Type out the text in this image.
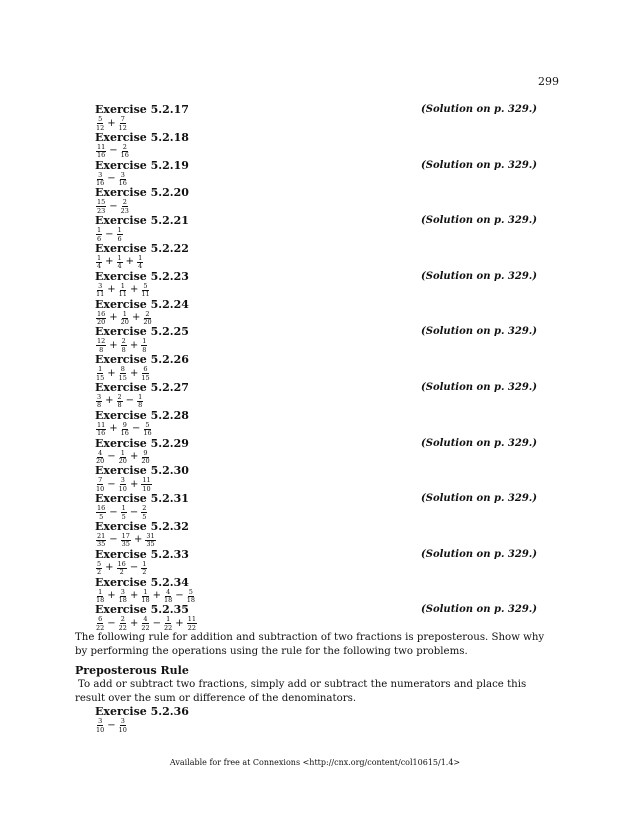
299
Exercise 5.2.17	(Solution on p. 329.)
$\frac{5}{12} + \frac{7}{12}$
Exercise 5.2.18
$\frac{11}{16} - \frac{2}{16}$
Exercise 5.2.19	(Solution on p. 329.)
$\frac{3}{16} - \frac{3}{16}$
Exercise 5.2.20
$\frac{15}{23} - \frac{2}{23}$
Exercise 5.2.21	(Solution on p. 329.)
$\frac{1}{6} - \frac{1}{6}$
Exercise 5.2.22
$\frac{1}{4} + \frac{1}{4} + \frac{1}{4}$
Exercise 5.2.23	(Solution on p. 329.)
$\frac{3}{11} + \frac{1}{11} + \frac{5}{11}$
Exercise 5.2.24
$\frac{16}{20} + \frac{1}{20} + \frac{2}{20}$
Exercise 5.2.25	(Solution on p. 329.)
$\frac{12}{8} + \frac{2}{8} + \frac{1}{8}$
Exercise 5.2.26
$\frac{1}{15} + \frac{8}{15} + \frac{6}{15}$
Exercise 5.2.27	(Solution on p. 329.)
$\frac{3}{8} + \frac{2}{8} - \frac{1}{8}$
Exercise 5.2.28
$\frac{11}{16} + \frac{9}{16} - \frac{5}{16}$
Exercise 5.2.29	(Solution on p. 329.)
$\frac{4}{20} - \frac{1}{20} + \frac{9}{20}$
Exercise 5.2.30
$\frac{7}{10} - \frac{3}{10} + \frac{11}{10}$
Exercise 5.2.31	(Solution on p. 329.)
$\frac{16}{5} - \frac{1}{5} - \frac{2}{5}$
Exercise 5.2.32
$\frac{21}{35} - \frac{17}{35} + \frac{31}{35}$
Exercise 5.2.33	(Solution on p. 329.)
$\frac{5}{2} + \frac{16}{2} - \frac{1}{2}$
Exercise 5.2.34
$\frac{1}{18} + \frac{3}{18} + \frac{1}{18} + \frac{4}{18} - \frac{5}{18}$
Exercise 5.2.35	(Solution on p. 329.)
$\frac{6}{22} - \frac{2}{22} + \frac{4}{22} - \frac{1}{22} + \frac{11}{22}$
The following rule for addition and subtraction of two fractions is preposterous. Show why by performing the operations using the rule for the following two problems.
Preposterous Rule
To add or subtract two fractions, simply add or subtract the numerators and place this result over the sum or difference of the denominators.
Exercise 5.2.36
$\frac{3}{10} - \frac{3}{10}$
Available for free at Connexions <http://cnx.org/content/col10615/1.4>
